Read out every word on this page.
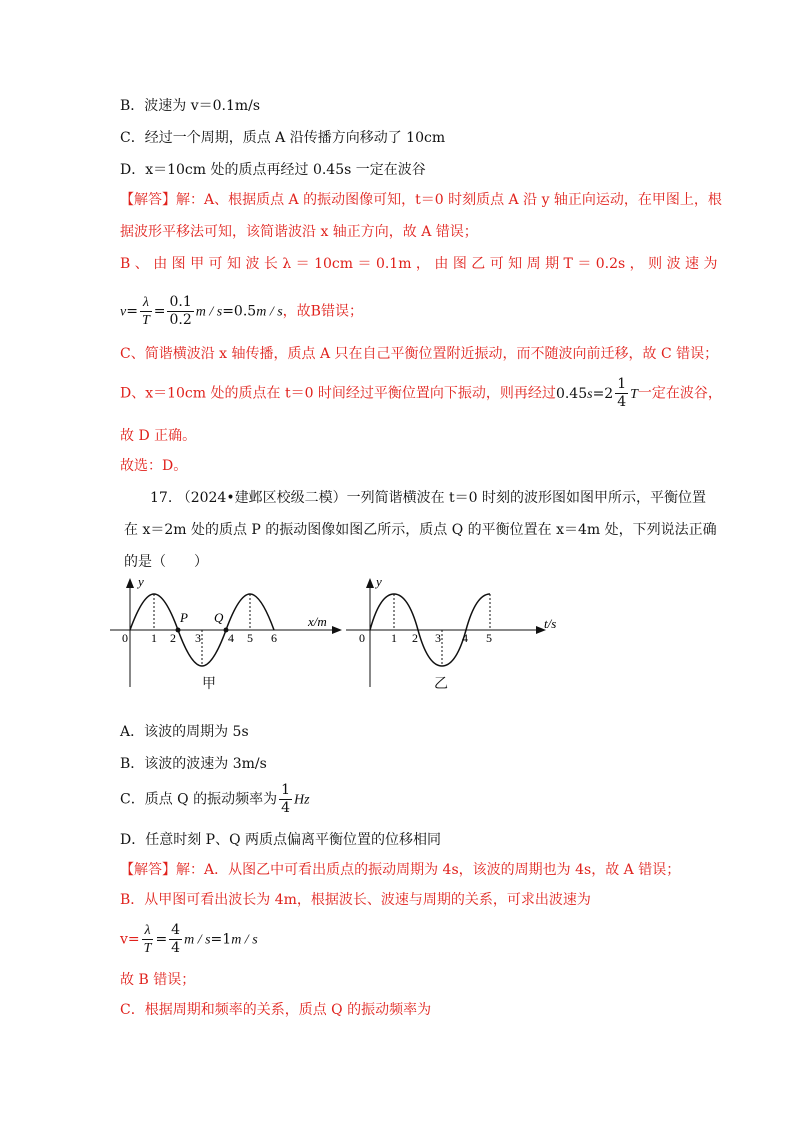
B．波速为 v＝0.1m/s
C．经过一个周期，质点 A 沿传播方向移动了 10cm
D．x＝10cm 处的质点再经过 0.45s 一定在波谷
【解答】解：A、根据质点 A 的振动图像可知，t＝0 时刻质点 A 沿 y 轴正向运动，在甲图上，根
据波形平移法可知，该简谐波沿 x 轴正方向，故 A 错误；
B 、 由 图 甲 可 知 波 长 λ ＝ 10cm ＝ 0.1m ， 由 图 乙 可 知 周 期 T ＝ 0.2s ， 则 波 速 为
$v= \frac{\lambda}{T} = \frac{0.1}{0.2}$ m / s=0.5m / s，故B错误；
C、简谐横波沿 x 轴传播，质点 A 只在自己平衡位置附近振动，而不随波向前迁移，故 C 错误；
D、x＝10cm 处的质点在 t＝0 时间经过平衡位置向下振动，则再经过$0.45s=2 \frac{1}{4}$ T一定在波谷，
故 D 正确。
故选：D。
17. （2024•建邺区校级二模）一列简谐横波在 t＝0 时刻的波形图如图甲所示，平衡位置
在 x＝2m 处的质点 P 的振动图像如图乙所示，质点 Q 的平衡位置在 x＝4m 处，下列说法正确
的是（　　）
y
x/m
0
P Q
1 2 3 4 5 6
甲
y
t/s
0 1 2 3 4 5
乙
A．该波的周期为 5s
B．该波的波速为 3m/s
C．质点 Q 的振动频率为 $\frac{1}{4}$ Hz
D．任意时刻 P、Q 两质点偏离平衡位置的位移相同
【解答】解：A．从图乙中可看出质点的振动周期为 4s，该波的周期也为 4s，故 A 错误；
B．从甲图可看出波长为 4m，根据波长、波速与周期的关系，可求出波速为
$v= \frac{\lambda}{T} = \frac{4}{4}$ m / s=1m / s
故 B 错误；
C．根据周期和频率的关系，质点 Q 的振动频率为
